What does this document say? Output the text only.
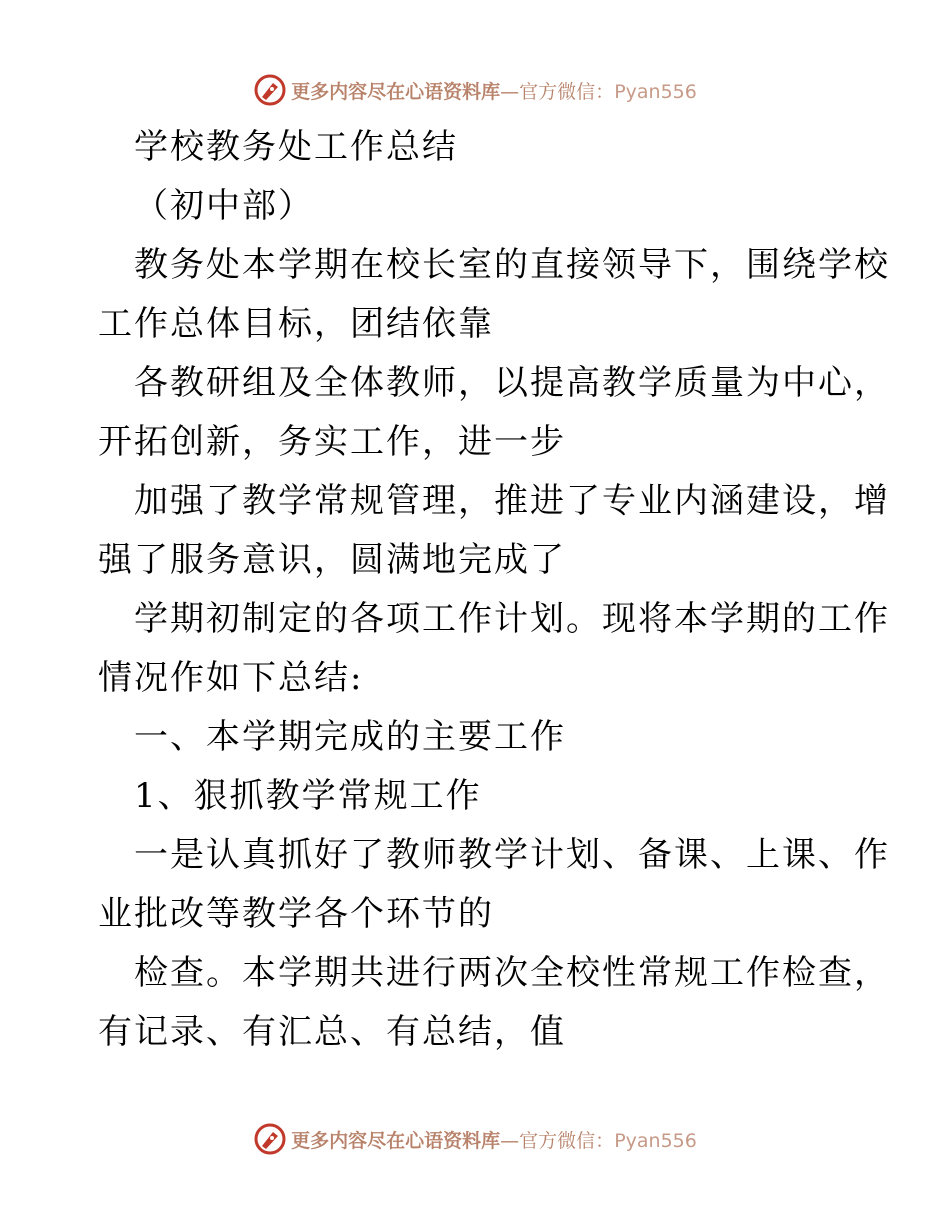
更多内容尽在心语资料库—官方微信：Pyan556
学校教务处工作总结
（初中部）
教务处本学期在校长室的直接领导下，围绕学校
工作总体目标，团结依靠
各教研组及全体教师，以提高教学质量为中心，
开拓创新，务实工作，进一步
加强了教学常规管理，推进了专业内涵建设，增
强了服务意识，圆满地完成了
学期初制定的各项工作计划。现将本学期的工作
情况作如下总结:
一、本学期完成的主要工作
1、狠抓教学常规工作
一是认真抓好了教师教学计划、备课、上课、作
业批改等教学各个环节的
检查。本学期共进行两次全校性常规工作检查，
有记录、有汇总、有总结，值
更多内容尽在心语资料库—官方微信：Pyan556
